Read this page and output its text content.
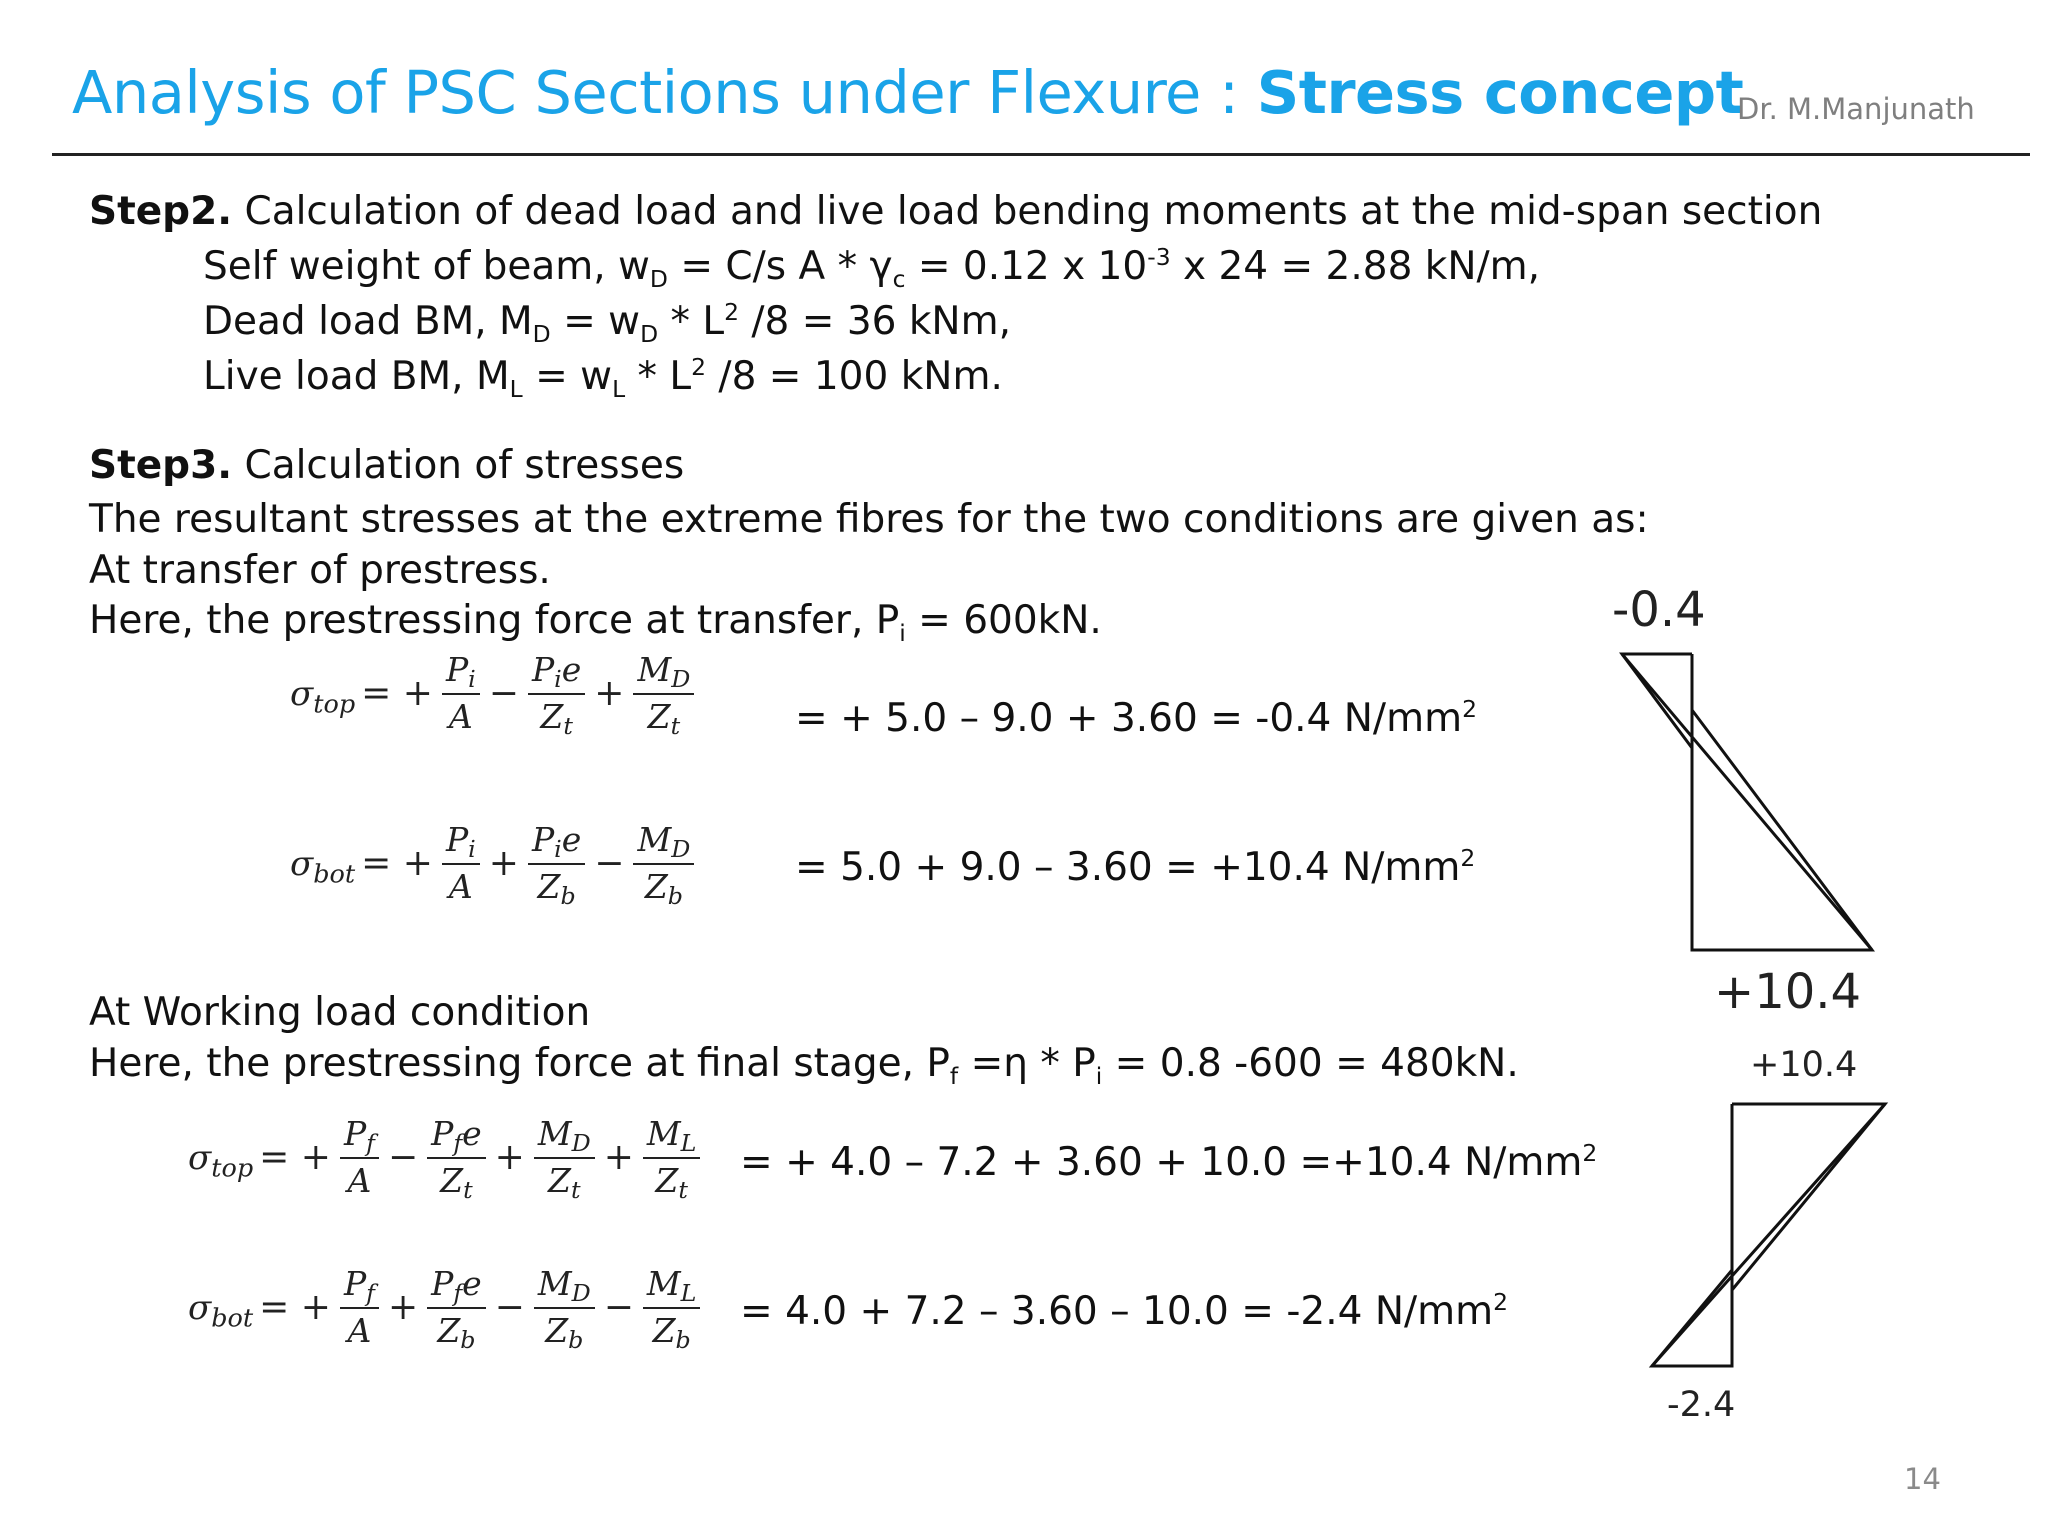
Analysis of PSC Sections under Flexure : Stress concept
Dr. M.Manjunath
Step2. Calculation of dead load and live load bending moments at the mid-span section
Self weight of beam, $w_D = C/s$ $A * \gamma_c = 0.12$ x $10^{-3}$ x 24 = 2.88 kN/m,
Dead load BM, $M_D = w_D * L^2$ /8 = 36 kNm,
Live load BM, $M_L = w_L * L^2$ /8 = 100 kNm.
Step3. Calculation of stresses
The resultant stresses at the extreme fibres for the two conditions are given as:
At transfer of prestress.
Here, the prestressing force at transfer, $P_i = 600kN$.
$\sigma_{top}$ = + $\frac{P_i}{A} - \frac{P_ie}{Z_t} + \frac{M_D}{Z_t}$	= + 5.0 – 9.0 + 3.60 = -0.4 $N/mm^2$
$\sigma_{bot}$ = + $\frac{P_i}{A} + \frac{P_ie}{Z_b} - \frac{M_D}{Z_b}$	= 5.0 + 9.0 – 3.60 = +10.4 $N/mm^2$
At Working load condition
Here, the prestressing force at final stage, $P_f =\eta * P_i = 0.8$ -600 = 480kN.
$\sigma_{top}$ = + $\frac{P_f}{A} - \frac{P_fe}{Z_t} + \frac{M_D}{Z_t} + \frac{M_L}{Z_t}$ = + 4.0 – 7.2 + 3.60 + 10.0 =+10.4 $N/mm^2$
$\sigma_{bot}$ = + $\frac{P_f}{A} + \frac{P_fe}{Z_b} - \frac{M_D}{Z_b} - \frac{M_L}{Z_b} = 4.0 + 7.2 - 3.60 - 10.0 = -2.4$ $N/mm^2$
-0.4
+10.4
+10.4
-2.4
14
